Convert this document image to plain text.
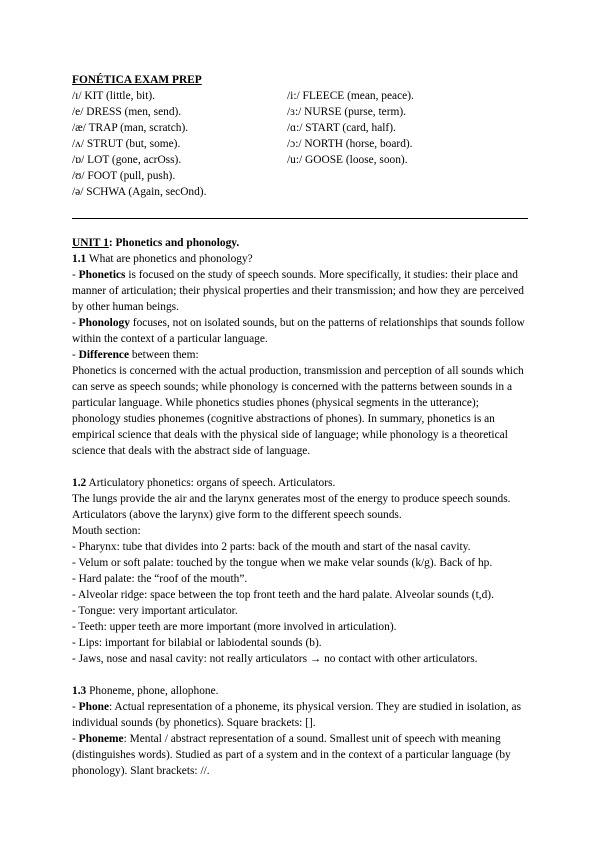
FONÉTICA EXAM PREP
/ɪ/ KIT (little, bit).
/e/ DRESS (men, send).
/æ/ TRAP (man, scratch).
/ʌ/ STRUT (but, some).
/ɒ/ LOT (gone, acrOss).
/ʊ/ FOOT (pull, push).
/ə/ SCHWA (Again, secOnd).
/i:/ FLEECE (mean, peace).
/ɜ:/ NURSE (purse, term).
/ɑ:/ START (card, half).
/ɔ:/ NORTH (horse, board).
/u:/ GOOSE (loose, soon).

UNIT 1: Phonetics and phonology.

1.1 What are phonetics and phonology?

- Phonetics is focused on the study of speech sounds. More specifically, it studies: their place and manner of articulation; their physical properties and their transmission; and how they are perceived by other human beings.

- Phonology focuses, not on isolated sounds, but on the patterns of relationships that sounds follow within the context of a particular language.

- Difference between them:

Phonetics is concerned with the actual production, transmission and perception of all sounds which can serve as speech sounds; while phonology is concerned with the patterns between sounds in a particular language. While phonetics studies phones (physical segments in the utterance); phonology studies phonemes (cognitive abstractions of phones). In summary, phonetics is an empirical science that deals with the physical side of language; while phonology is a theoretical science that deals with the abstract side of language.

1.2 Articulatory phonetics: organs of speech. Articulators.

The lungs provide the air and the larynx generates most of the energy to produce speech sounds. Articulators (above the larynx) give form to the different speech sounds.

Mouth section:

- Pharynx: tube that divides into 2 parts: back of the mouth and start of the nasal cavity.

- Velum or soft palate: touched by the tongue when we make velar sounds (k/g). Back of hp.

- Hard palate: the “roof of the mouth”.

- Alveolar ridge: space between the top front teeth and the hard palate. Alveolar sounds (t,d).

- Tongue: very important articulator.

- Teeth: upper teeth are more important (more involved in articulation).

- Lips: important for bilabial or labiodental sounds (b).

- Jaws, nose and nasal cavity: not really articulators → no contact with other articulators.

1.3 Phoneme, phone, allophone.

- Phone: Actual representation of a phoneme, its physical version. They are studied in isolation, as individual sounds (by phonetics). Square brackets: [].

- Phoneme: Mental / abstract representation of a sound. Smallest unit of speech with meaning (distinguishes words). Studied as part of a system and in the context of a particular language (by phonology). Slant brackets: //.
